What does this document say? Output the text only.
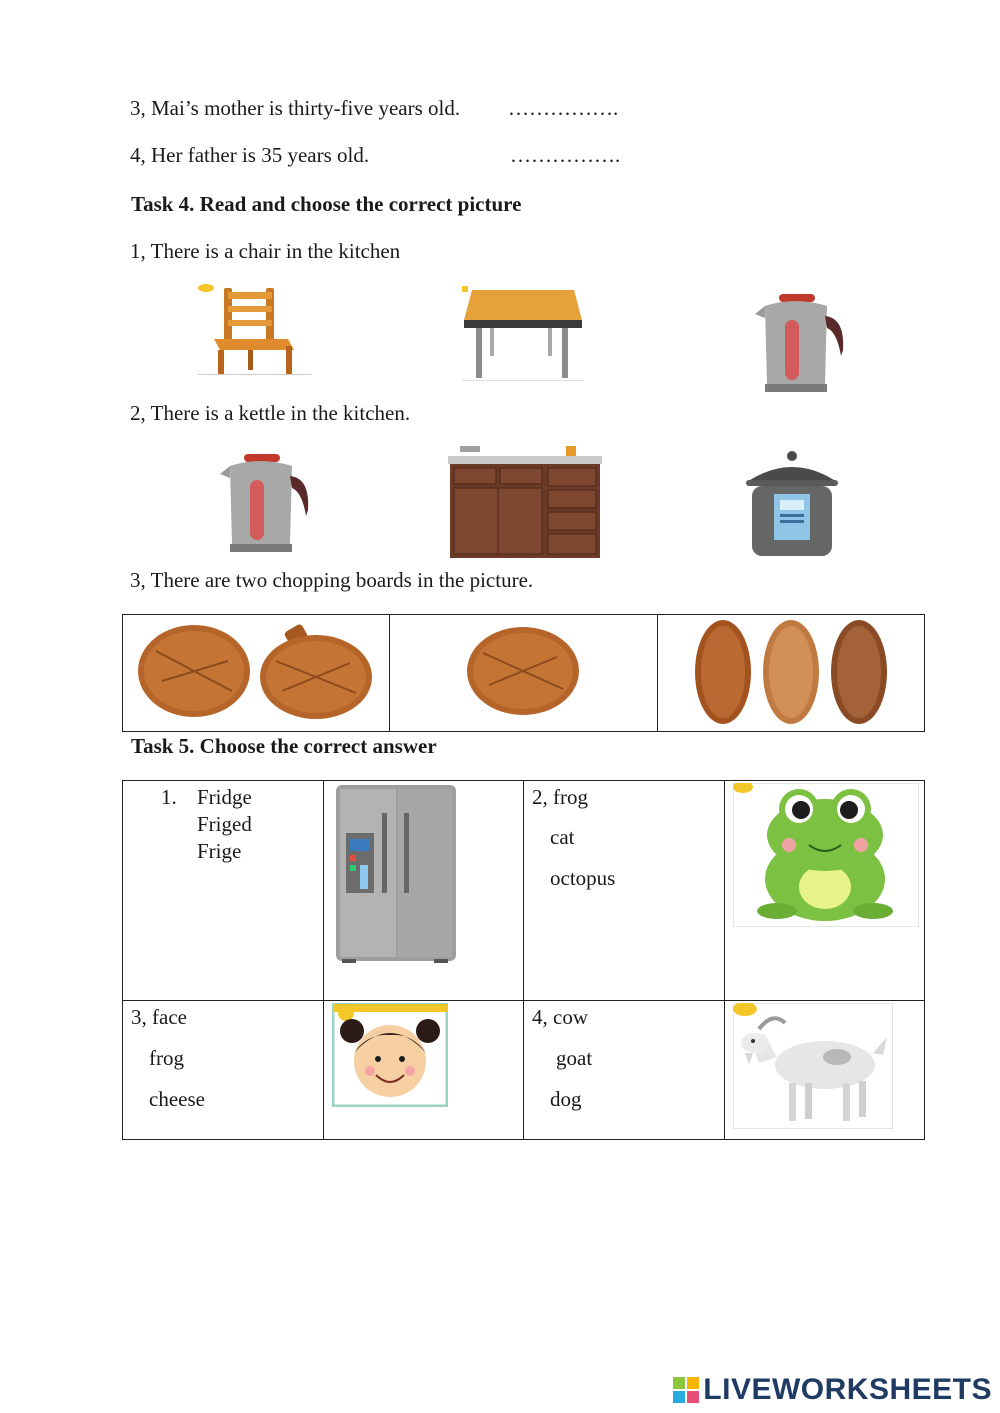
3, Mai’s mother is thirty-five years old. …………….
4, Her father is 35 years old.	…………….
Task 4. Read and choose the correct picture
1, There is a chair in the kitchen
2, There is a kettle in the kitchen.
3, There are two chopping boards in the picture.

Task 5. Choose the correct answer
1. Fridge
Friged
Frige		2, frog
cat
octopus

3, face
frog
cheese		4, cow
goat
dog

LIVEWORKSHEETS
